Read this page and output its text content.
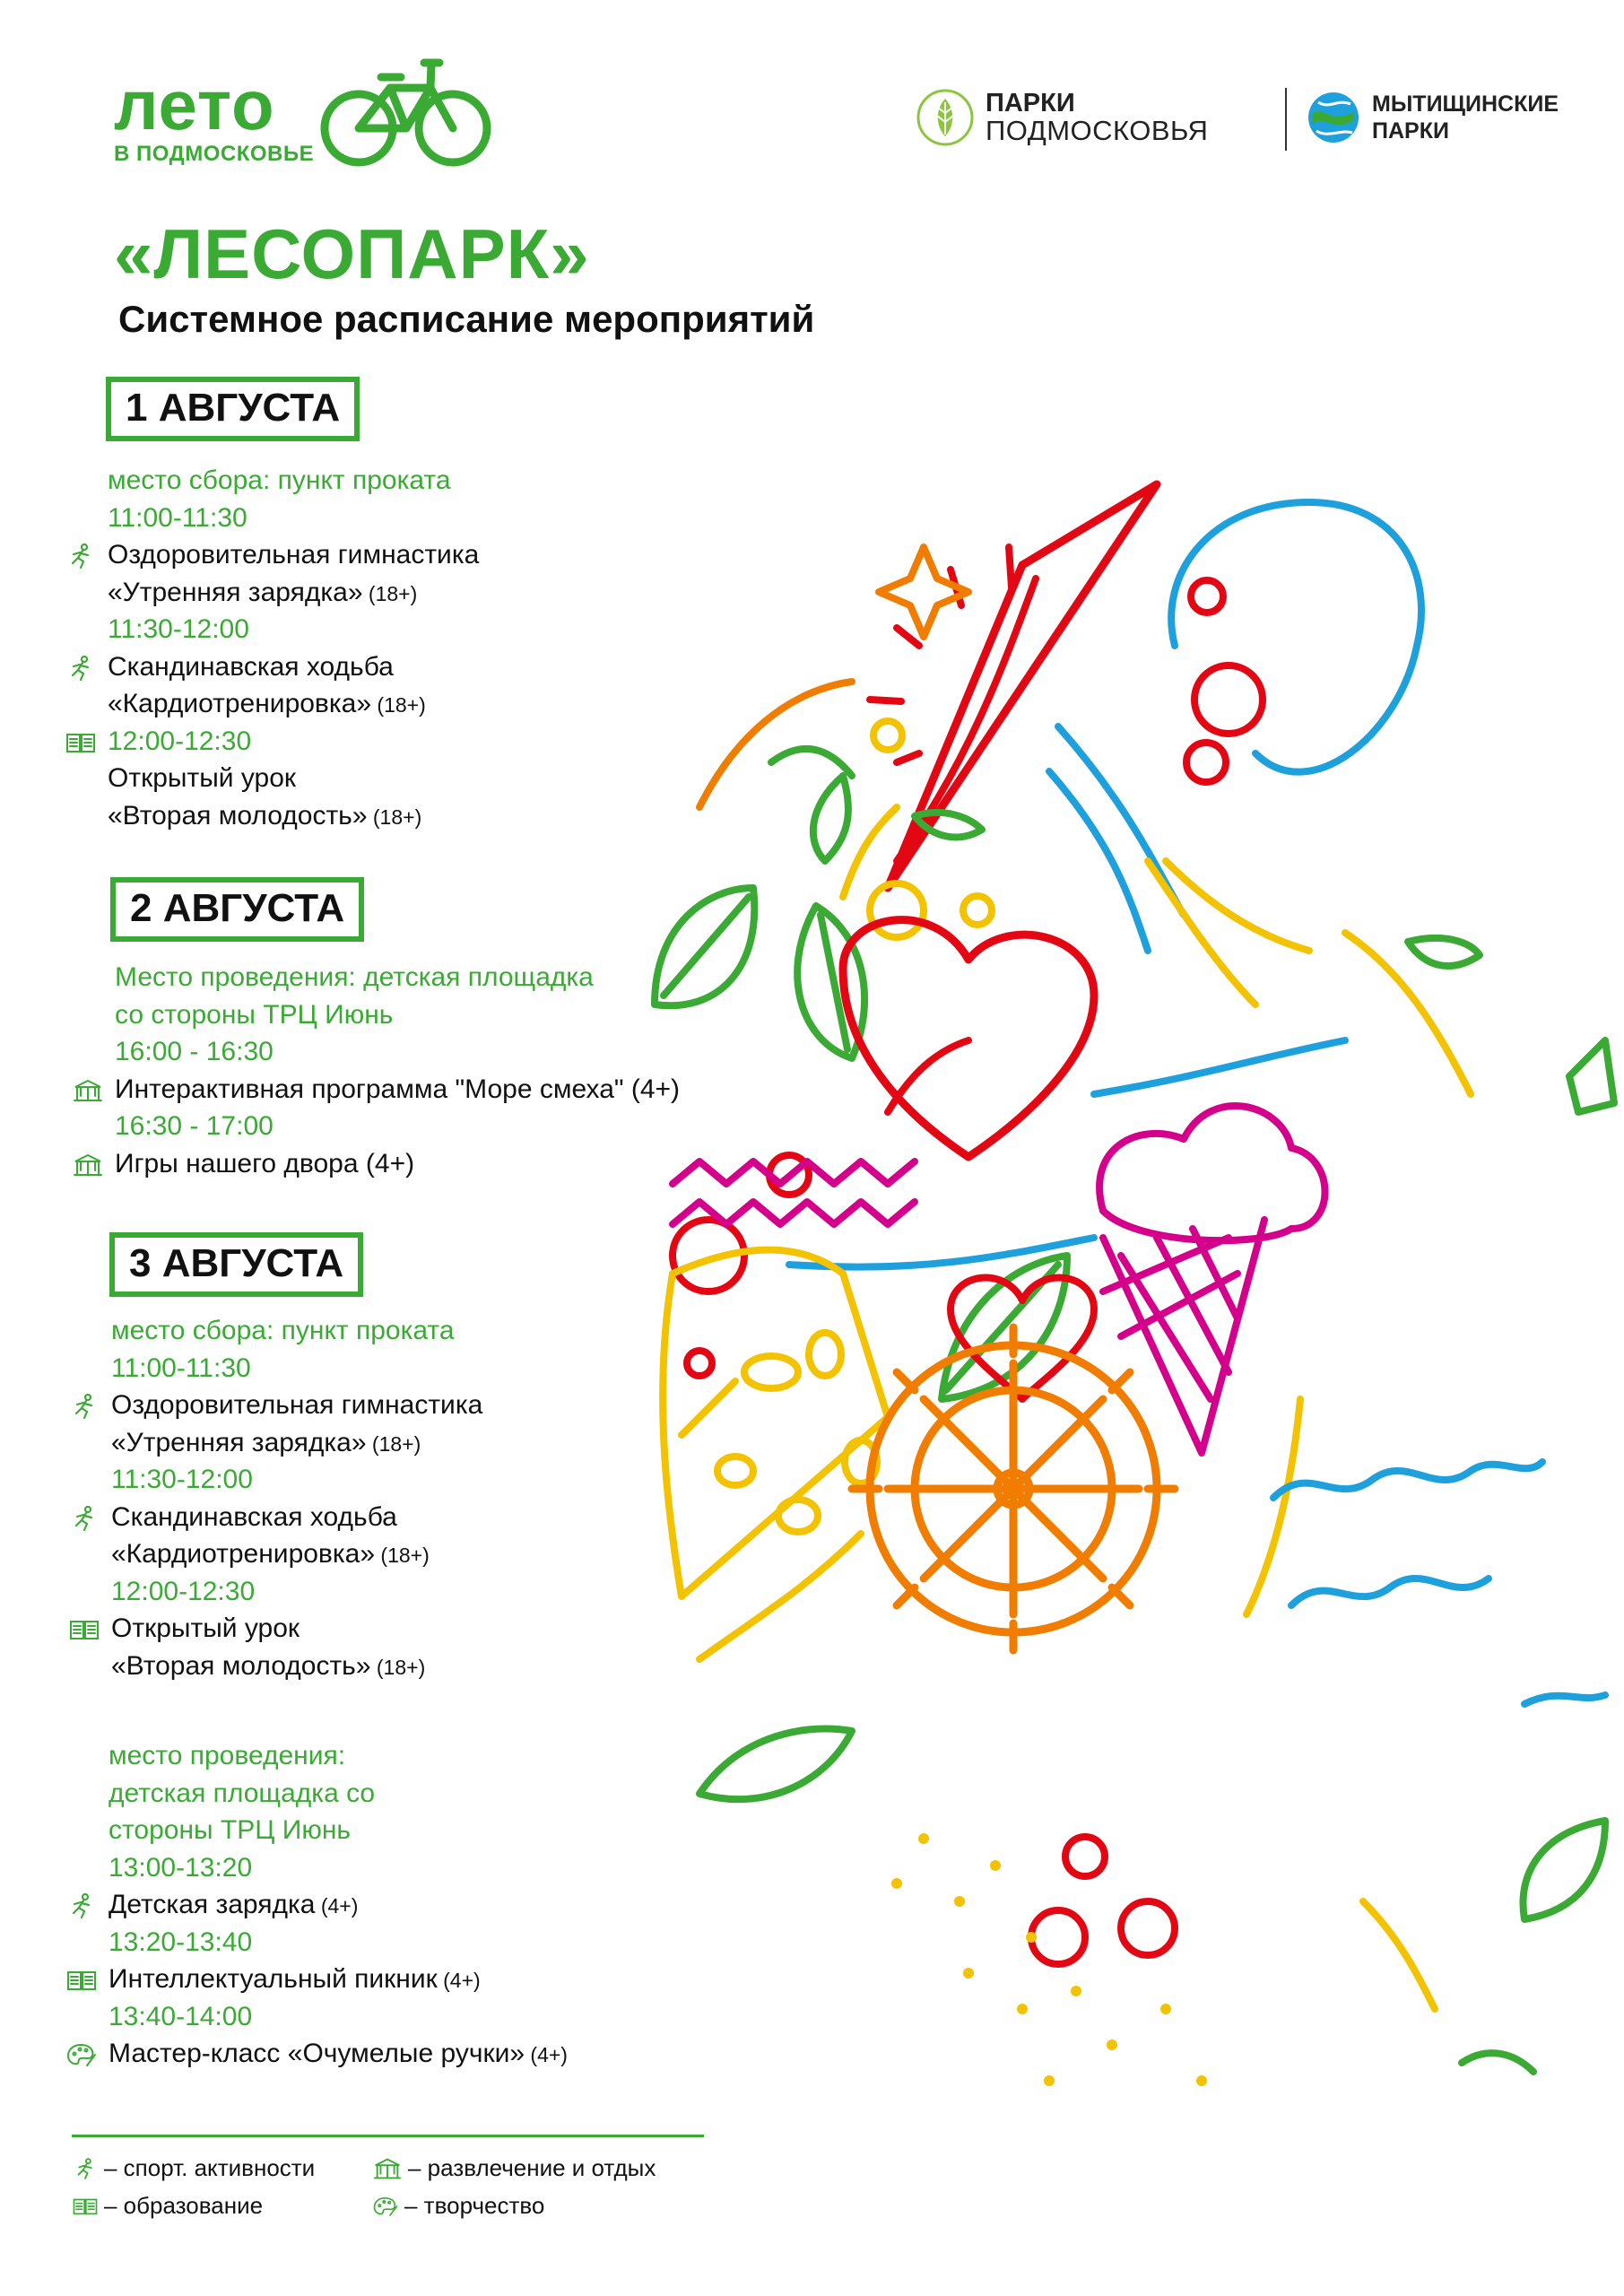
лето
В ПОДМОСКОВЬЕ
ПАРКИ
ПОДМОСКОВЬЯ
МЫТИЩИНСКИЕ
ПАРКИ
«ЛЕСОПАРК»
Системное расписание мероприятий
1 АВГУСТА
2 АВГУСТА
3 АВГУСТА
место сбора: пункт проката
11:00-11:30
Оздоровительная гимнастика
«Утренняя зарядка» (18+)
11:30-12:00
Скандинавская ходьба
«Кардиотренировка» (18+)
12:00-12:30
Открытый урок
«Вторая молодость» (18+)
Место проведения: детская площадка
со стороны ТРЦ Июнь
16:00 - 16:30
Интерактивная программа "Море смеха" (4+)
16:30 - 17:00
Игры нашего двора (4+)
место сбора: пункт проката
11:00-11:30
Оздоровительная гимнастика
«Утренняя зарядка» (18+)
11:30-12:00
Скандинавская ходьба
«Кардиотренировка» (18+)
12:00-12:30
Открытый урок
«Вторая молодость» (18+)
место проведения:
детская площадка со
стороны ТРЦ Июнь
13:00-13:20
Детская зарядка (4+)
13:20-13:40
Интеллектуальный пикник (4+)
13:40-14:00
Мастер-класс «Очумелые ручки» (4+)
– спорт. активности	– развлечение и отдых
– образование	– творчество
